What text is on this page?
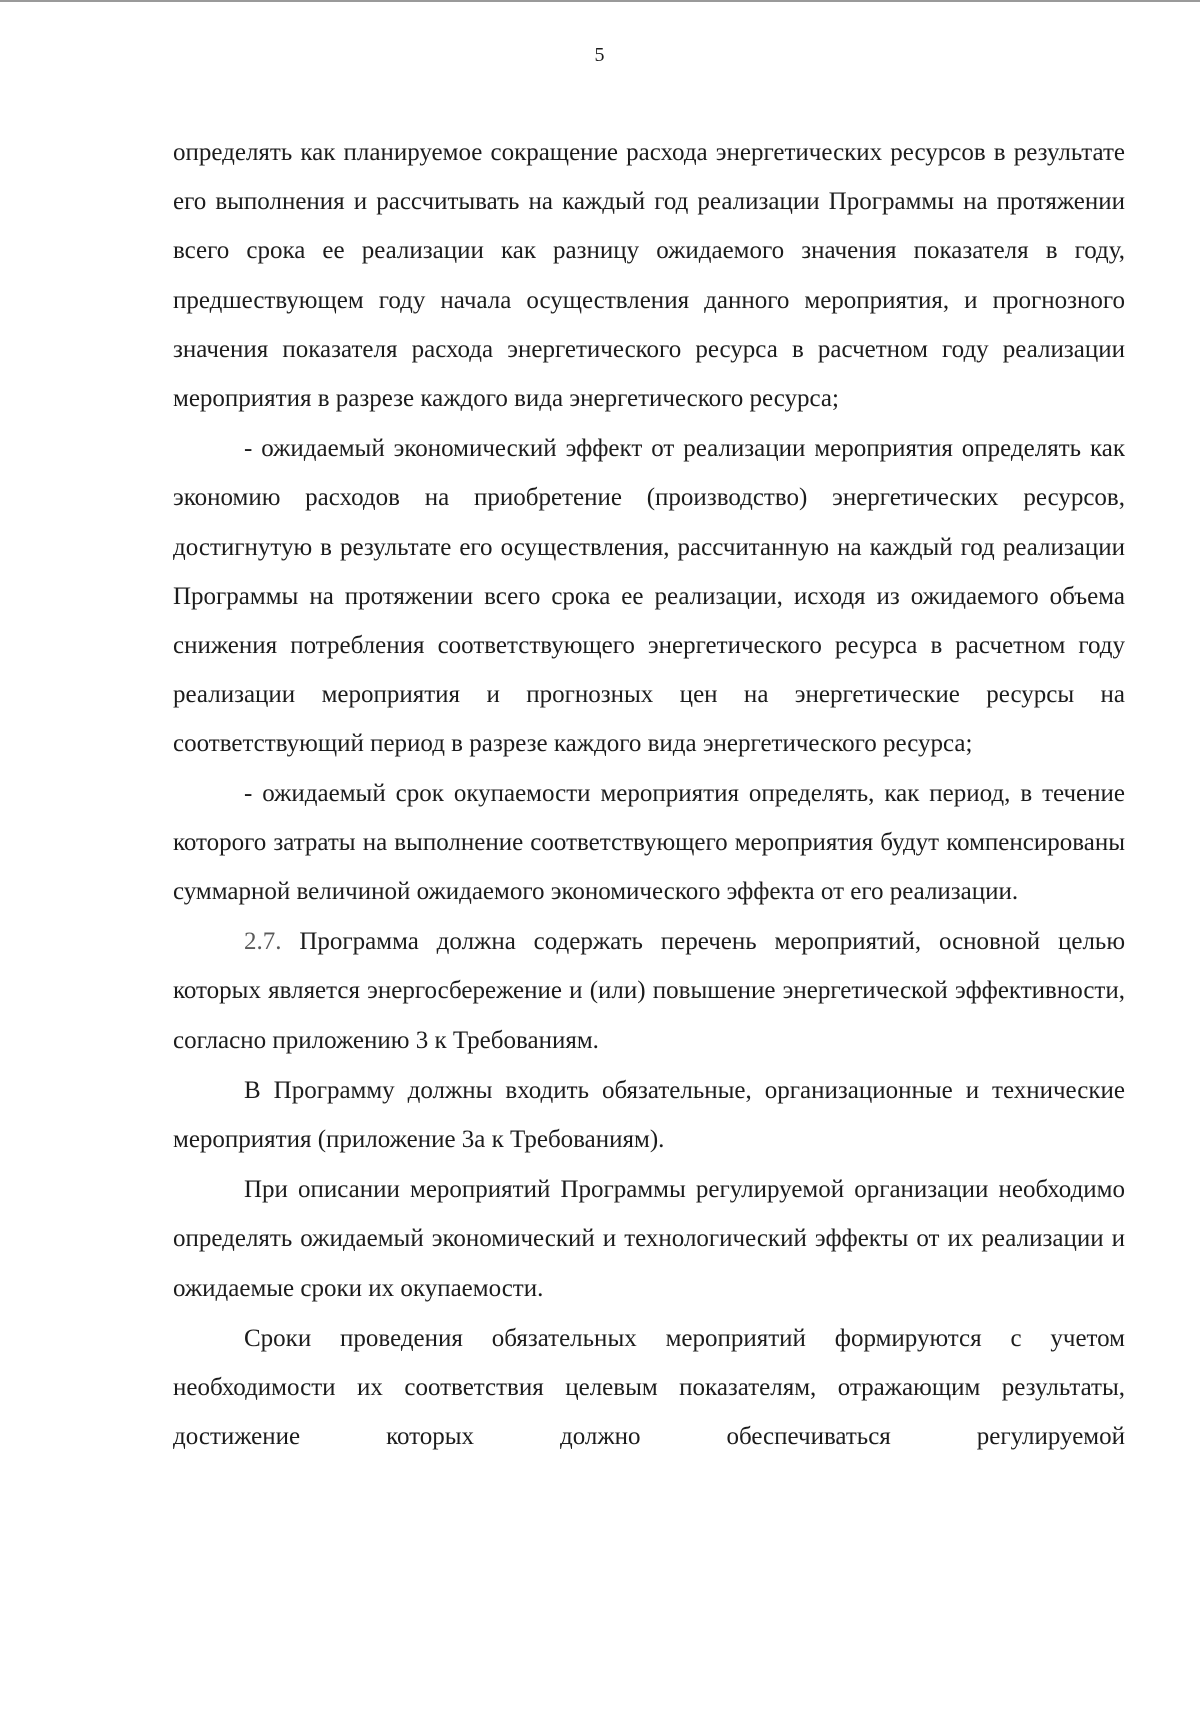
5

определять как планируемое сокращение расхода энергетических ресурсов в результате его выполнения и рассчитывать на каждый год реализации Программы на протяжении всего срока ее реализации как разницу ожидаемого значения показателя в году, предшествующем году начала осуществления данного мероприятия, и прогнозного значения показателя расхода энергетического ресурса в расчетном году реализации мероприятия в разрезе каждого вида энергетического ресурса;

- ожидаемый экономический эффект от реализации мероприятия определять как экономию расходов на приобретение (производство) энергетических ресурсов, достигнутую в результате его осуществления, рассчитанную на каждый год реализации Программы на протяжении всего срока ее реализации, исходя из ожидаемого объема снижения потребления соответствующего энергетического ресурса в расчетном году реализации мероприятия и прогнозных цен на энергетические ресурсы на соответствующий период в разрезе каждого вида энергетического ресурса;

- ожидаемый срок окупаемости мероприятия определять, как период, в течение которого затраты на выполнение соответствующего мероприятия будут компенсированы суммарной величиной ожидаемого экономического эффекта от его реализации.

2.7. Программа должна содержать перечень мероприятий, основной целью которых является энергосбережение и (или) повышение энергетической эффективности, согласно приложению 3 к Требованиям.

В Программу должны входить обязательные, организационные и технические мероприятия (приложение 3а к Требованиям).

При описании мероприятий Программы регулируемой организации необходимо определять ожидаемый экономический и технологический эффекты от их реализации и ожидаемые сроки их окупаемости.

Сроки проведения обязательных мероприятий формируются с учетом необходимости их соответствия целевым показателям, отражающим результаты, достижение которых должно обеспечиваться регулируемой
